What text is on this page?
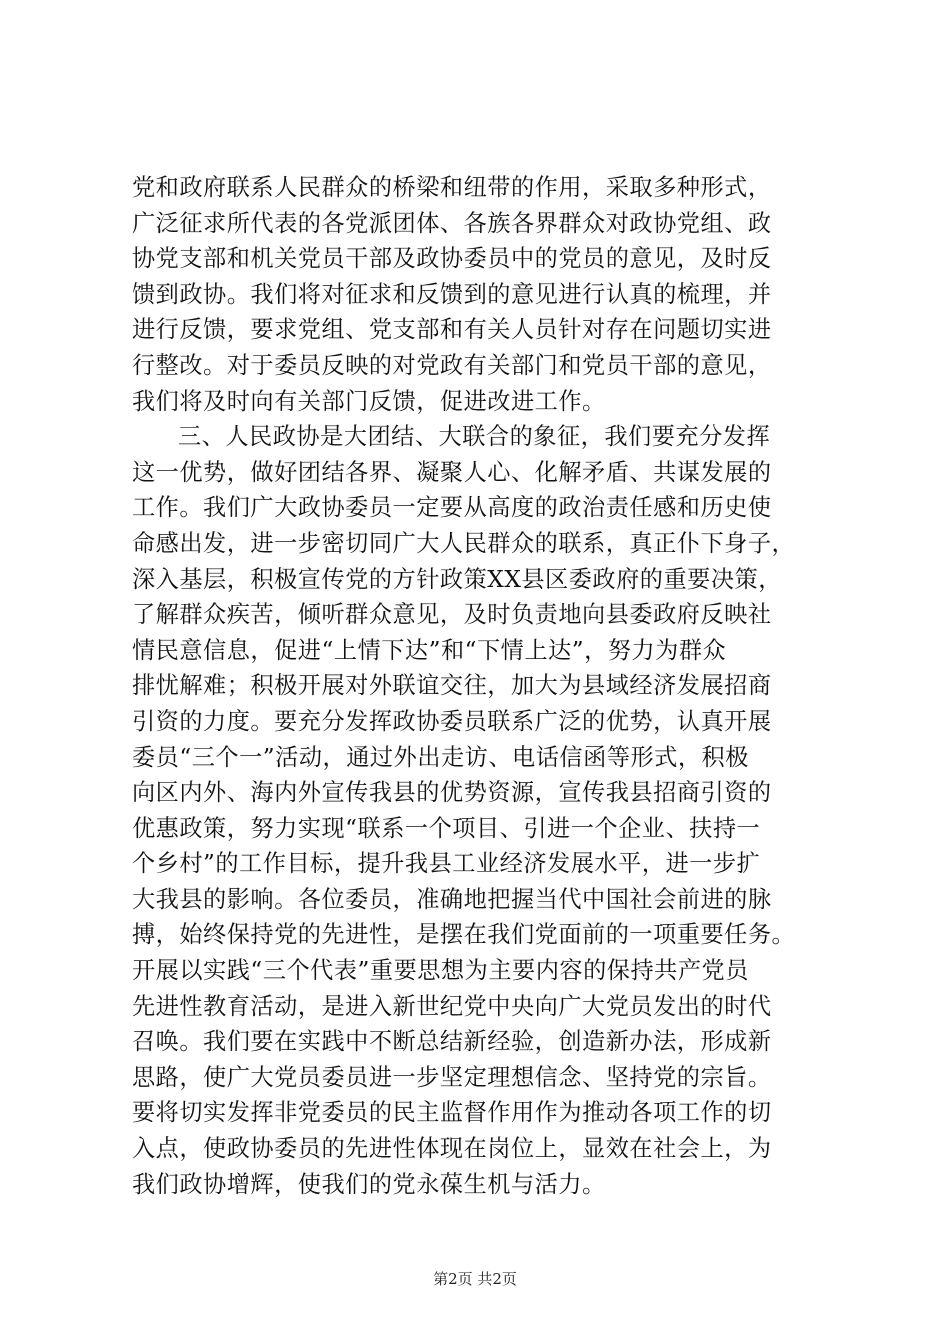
党和政府联系人民群众的桥梁和纽带的作用，采取多种形式，
广泛征求所代表的各党派团体、各族各界群众对政协党组、政
协党支部和机关党员干部及政协委员中的党员的意见，及时反
馈到政协。我们将对征求和反馈到的意见进行认真的梳理，并
进行反馈，要求党组、党支部和有关人员针对存在问题切实进
行整改。对于委员反映的对党政有关部门和党员干部的意见，
我们将及时向有关部门反馈，促进改进工作。
三、人民政协是大团结、大联合的象征，我们要充分发挥
这一优势，做好团结各界、凝聚人心、化解矛盾、共谋发展的
工作。我们广大政协委员一定要从高度的政治责任感和历史使
命感出发，进一步密切同广大人民群众的联系，真正仆下身子，
深入基层，积极宣传党的方针政策XX县区委政府的重要决策，
了解群众疾苦，倾听群众意见，及时负责地向县委政府反映社
情民意信息，促进“上情下达”和“下情上达”，努力为群众
排忧解难；积极开展对外联谊交往，加大为县域经济发展招商
引资的力度。要充分发挥政协委员联系广泛的优势，认真开展
委员“三个一”活动，通过外出走访、电话信函等形式，积极
向区内外、海内外宣传我县的优势资源，宣传我县招商引资的
优惠政策，努力实现“联系一个项目、引进一个企业、扶持一
个乡村”的工作目标，提升我县工业经济发展水平，进一步扩
大我县的影响。各位委员，准确地把握当代中国社会前进的脉
搏，始终保持党的先进性，是摆在我们党面前的一项重要任务。
开展以实践“三个代表”重要思想为主要内容的保持共产党员
先进性教育活动，是进入新世纪党中央向广大党员发出的时代
召唤。我们要在实践中不断总结新经验，创造新办法，形成新
思路，使广大党员委员进一步坚定理想信念、坚持党的宗旨。
要将切实发挥非党委员的民主监督作用作为推动各项工作的切
入点，使政协委员的先进性体现在岗位上，显效在社会上，为
我们政协增辉，使我们的党永葆生机与活力。
第2页 共2页
